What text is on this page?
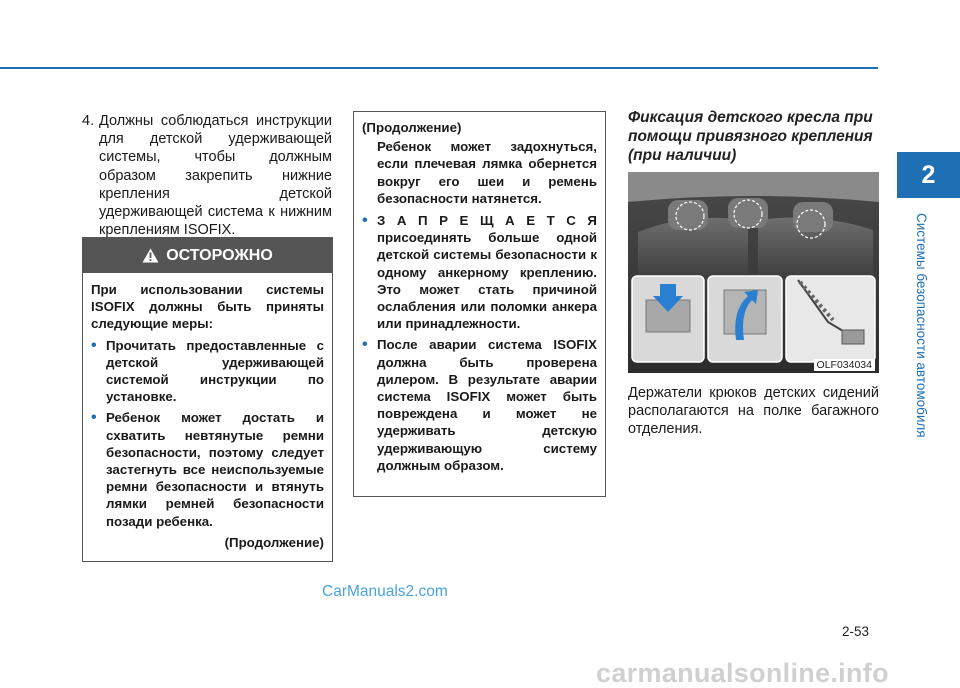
2
Системы безопасности автомобиля
4. Должны соблюдаться инструкции для детской удерживающей системы, чтобы должным образом закрепить нижние крепления детской удерживающей система к нижним креплениям ISOFIX.
ОСТОРОЖНО

При использовании системы ISOFIX должны быть приняты следующие меры:

• Прочитать предоставленные с детской удерживающей системой инструкции по установке.
• Ребенок может достать и схватить невтянутые ремни безопасности, поэтому следует застегнуть все неиспользуемые ремни безопасности и втянуть лямки ремней безопасности позади ребенка.

(Продолжение)

(Продолжение)

Ребенок может задохнуться, если плечевая лямка обернется вокруг его шеи и ремень безопасности натянется.

• З А П Р Е Щ А Е Т С Я присоединять больше одной детской системы безопасности к одному анкерному креплению. Это может стать причиной ослабления или поломки анкера или принадлежности.
• После аварии система ISOFIX должна быть проверена дилером. В результате аварии система ISOFIX может быть повреждена и может не удерживать детскую удерживающую систему должным образом.
Фиксация детского кресла при помощи привязного крепления (при наличии)
OLF034034
Держатели крюков детских сидений располагаются на полке багажного отделения.
CarManuals2.com
2-53
carmanualsonline.info
